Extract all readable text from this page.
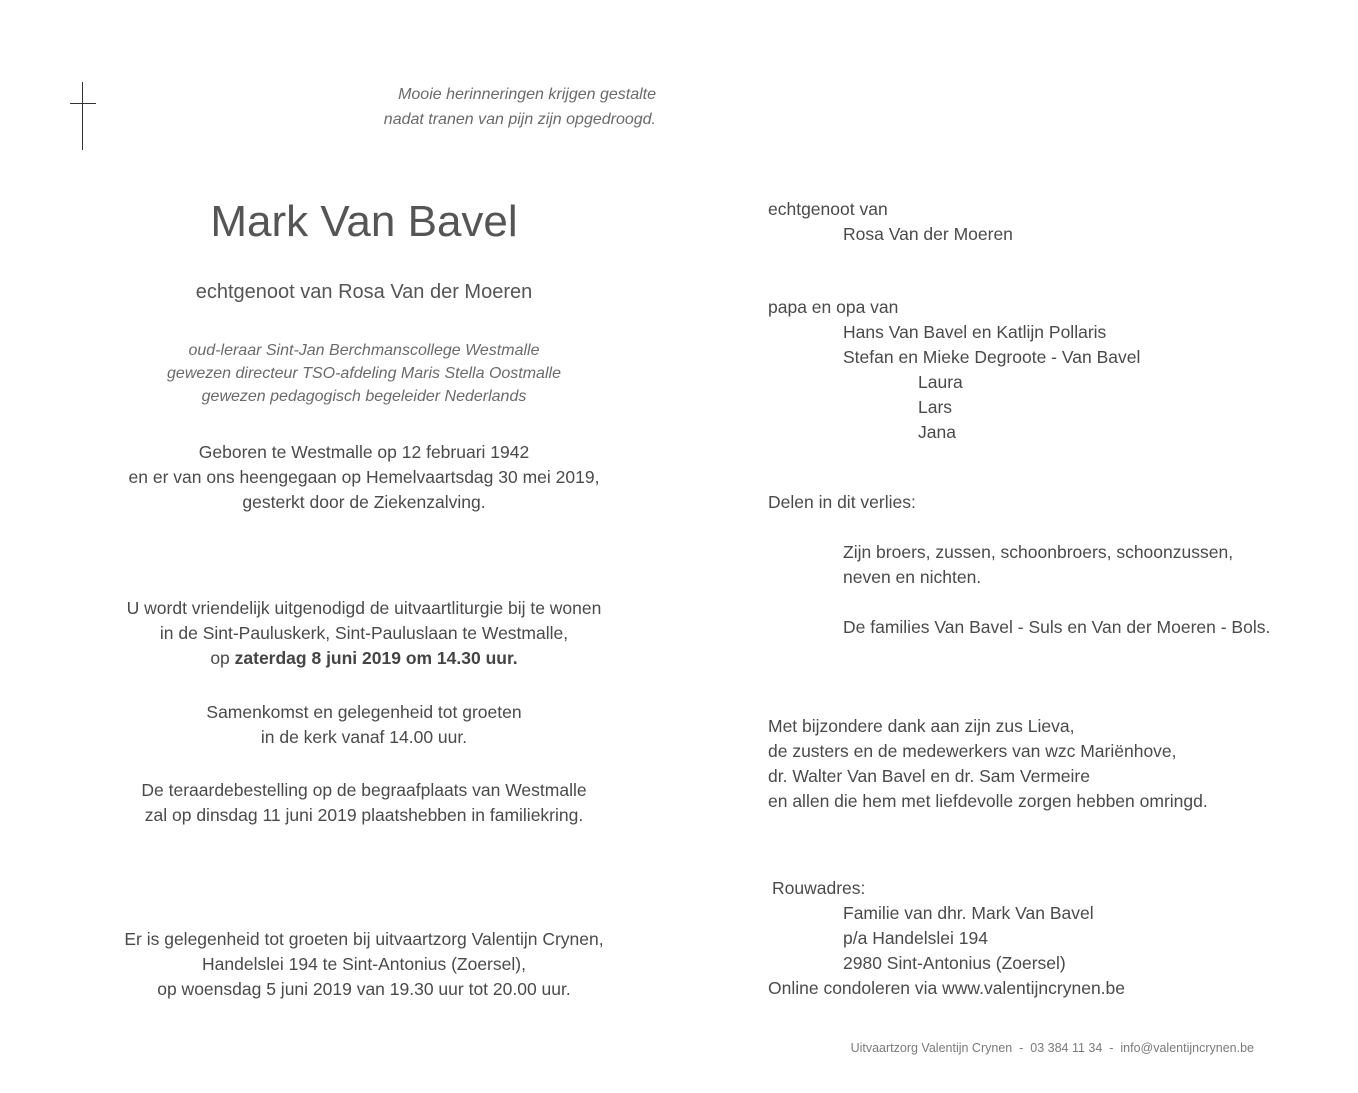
Mooie herinneringen krijgen gestalte
nadat tranen van pijn zijn opgedroogd.
Mark Van Bavel
echtgenoot van Rosa Van der Moeren
oud-leraar Sint-Jan Berchmanscollege Westmalle
gewezen directeur TSO-afdeling Maris Stella Oostmalle
gewezen pedagogisch begeleider Nederlands
Geboren te Westmalle op 12 februari 1942
en er van ons heengegaan op Hemelvaartsdag 30 mei 2019,
gesterkt door de Ziekenzalving.
U wordt vriendelijk uitgenodigd de uitvaartliturgie bij te wonen
in de Sint-Pauluskerk, Sint-Pauluslaan te Westmalle,
op zaterdag 8 juni 2019 om 14.30 uur.
Samenkomst en gelegenheid tot groeten
in de kerk vanaf 14.00 uur.
De teraardebestelling op de begraafplaats van Westmalle
zal op dinsdag 11 juni 2019 plaatshebben in familiekring.
Er is gelegenheid tot groeten bij uitvaartzorg Valentijn Crynen,
Handelslei 194 te Sint-Antonius (Zoersel),
op woensdag 5 juni 2019 van 19.30 uur tot 20.00 uur.
echtgenoot van
Rosa Van der Moeren
papa en opa van
Hans Van Bavel en Katlijn Pollaris
Stefan en Mieke Degroote - Van Bavel
Laura
Lars
Jana
Delen in dit verlies:
Zijn broers, zussen, schoonbroers, schoonzussen,
neven en nichten.
De families Van Bavel - Suls en Van der Moeren - Bols.
Met bijzondere dank aan zijn zus Lieva,
de zusters en de medewerkers van wzc Mariënhove,
dr. Walter Van Bavel en dr. Sam Vermeire
en allen die hem met liefdevolle zorgen hebben omringd.
Rouwadres:
Familie van dhr. Mark Van Bavel
p/a Handelslei 194
2980 Sint-Antonius (Zoersel)
Online condoleren via www.valentijncrynen.be
Uitvaartzorg Valentijn Crynen  -  03 384 11 34  -  info@valentijncrynen.be
